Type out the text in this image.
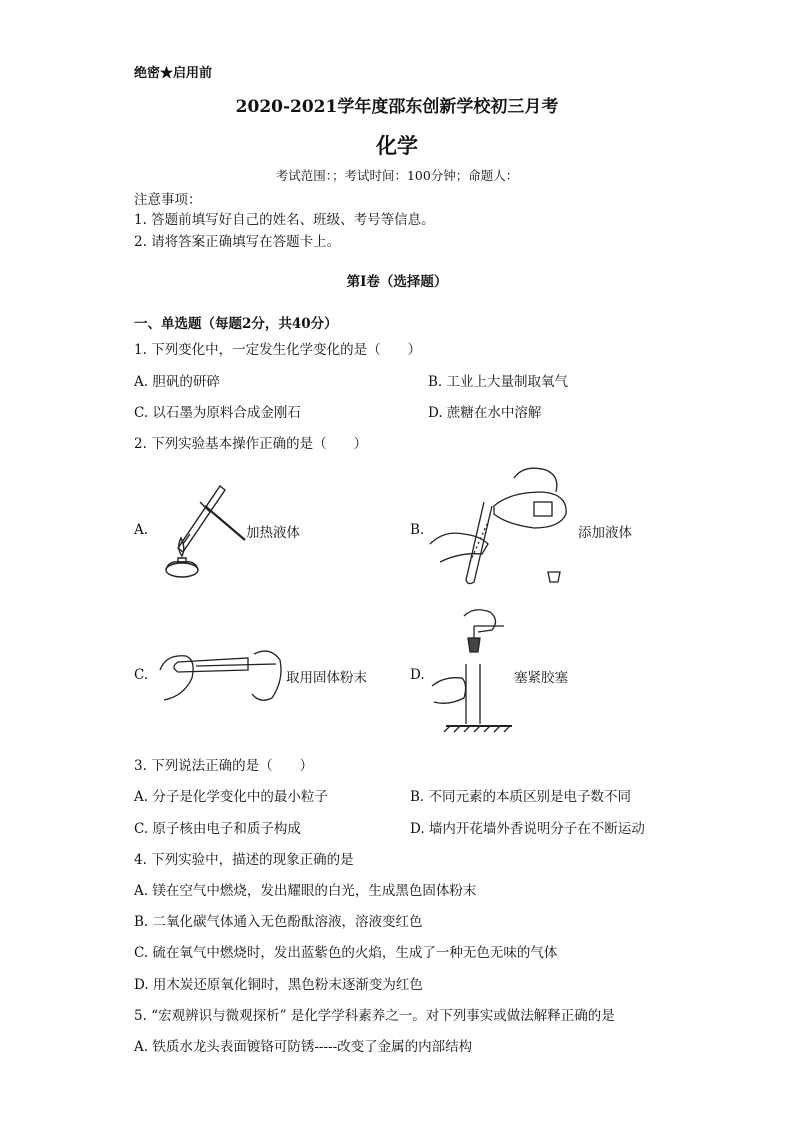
绝密★启用前
2020-2021学年度邵东创新学校初三月考
化学
考试范围：；考试时间：100分钟；命题人：
注意事项：
1. 答题前填写好自己的姓名、班级、考号等信息。
2. 请将答案正确填写在答题卡上。
第I卷（选择题）
一、单选题（每题2分，共40分）
1. 下列变化中，一定发生化学变化的是（　　）
A. 胆矾的研碎	B. 工业上大量制取氧气
C. 以石墨为原料合成金刚石	D. 蔗糖在水中溶解
2. 下列实验基本操作正确的是（　　）
A.	加热液体	B.	添加液体
C.	取用固体粉末	D.	塞紧胶塞
3. 下列说法正确的是（　　）
A. 分子是化学变化中的最小粒子	B. 不同元素的本质区别是电子数不同
C. 原子核由电子和质子构成	D. 墙内开花墙外香说明分子在不断运动
4. 下列实验中，描述的现象正确的是
A. 镁在空气中燃烧，发出耀眼的白光，生成黑色固体粉末
B. 二氧化碳气体通入无色酚酞溶液，溶液变红色
C. 硫在氧气中燃烧时，发出蓝紫色的火焰，生成了一种无色无味的气体
D. 用木炭还原氧化铜时，黑色粉末逐渐变为红色
5. “宏观辨识与微观探析” 是化学学科素养之一。对下列事实或做法解释正确的是
A. 铁质水龙头表面镀铬可防锈-----改变了金属的内部结构
